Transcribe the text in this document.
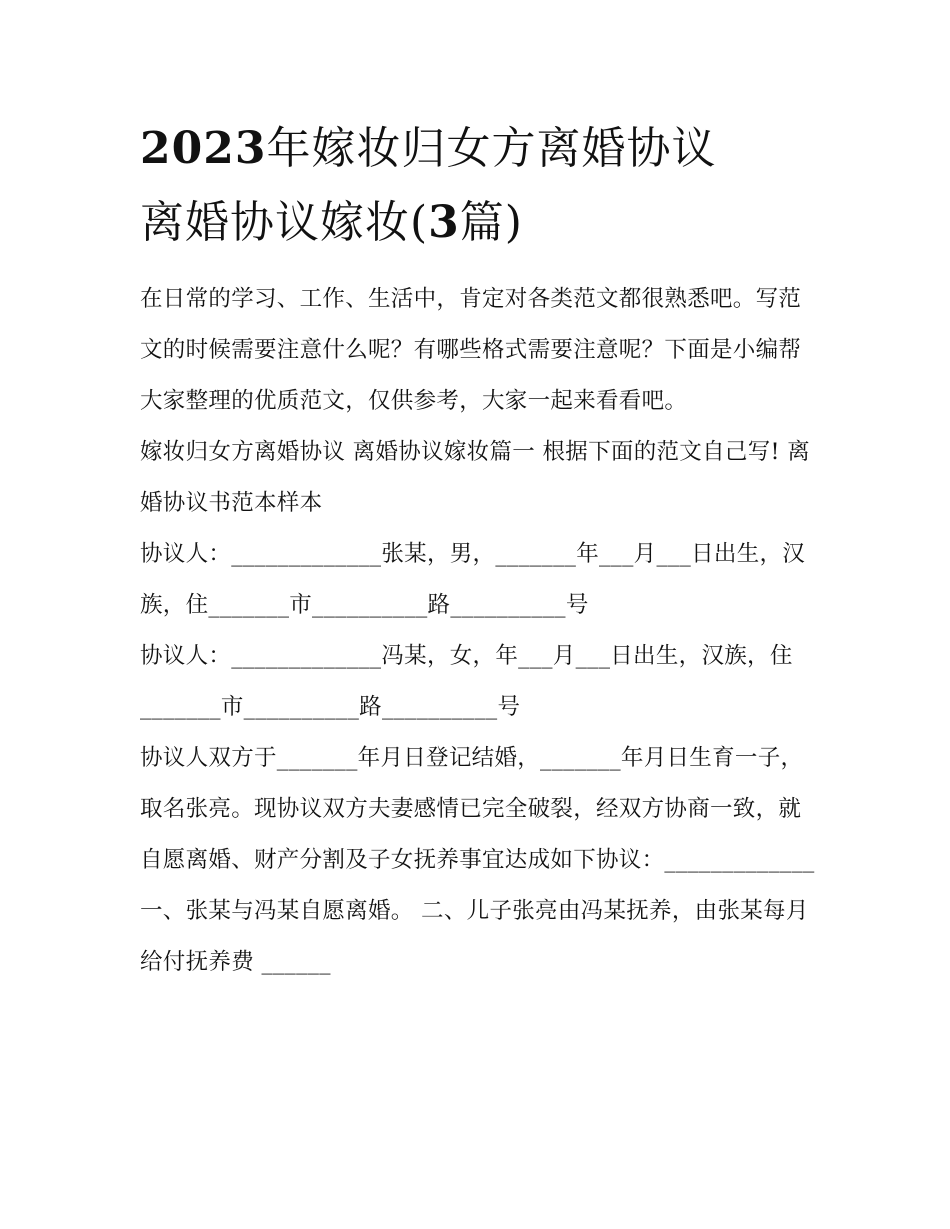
2023年嫁妆归女方离婚协议
离婚协议嫁妆(3篇)

在日常的学习、工作、生活中，肯定对各类范文都很熟悉吧。写范文的时候需要注意什么呢？有哪些格式需要注意呢？下面是小编帮大家整理的优质范文，仅供参考，大家一起来看看吧。

嫁妆归女方离婚协议 离婚协议嫁妆篇一 根据下面的范文自己写! 离婚协议书范本样本

协议人：_____________张某，男，_______年___月___日出生，汉族，住_______市__________路__________号

协议人：_____________冯某，女，年___月___日出生，汉族，住_______市__________路__________号

协议人双方于_______年月日登记结婚，_______年月日生育一子，取名张亮。现协议双方夫妻感情已完全破裂，经双方协商一致，就自愿离婚、财产分割及子女抚养事宜达成如下协议：_____________

一、张某与冯某自愿离婚。 二、儿子张亮由冯某抚养，由张某每月给付抚养费 ______
